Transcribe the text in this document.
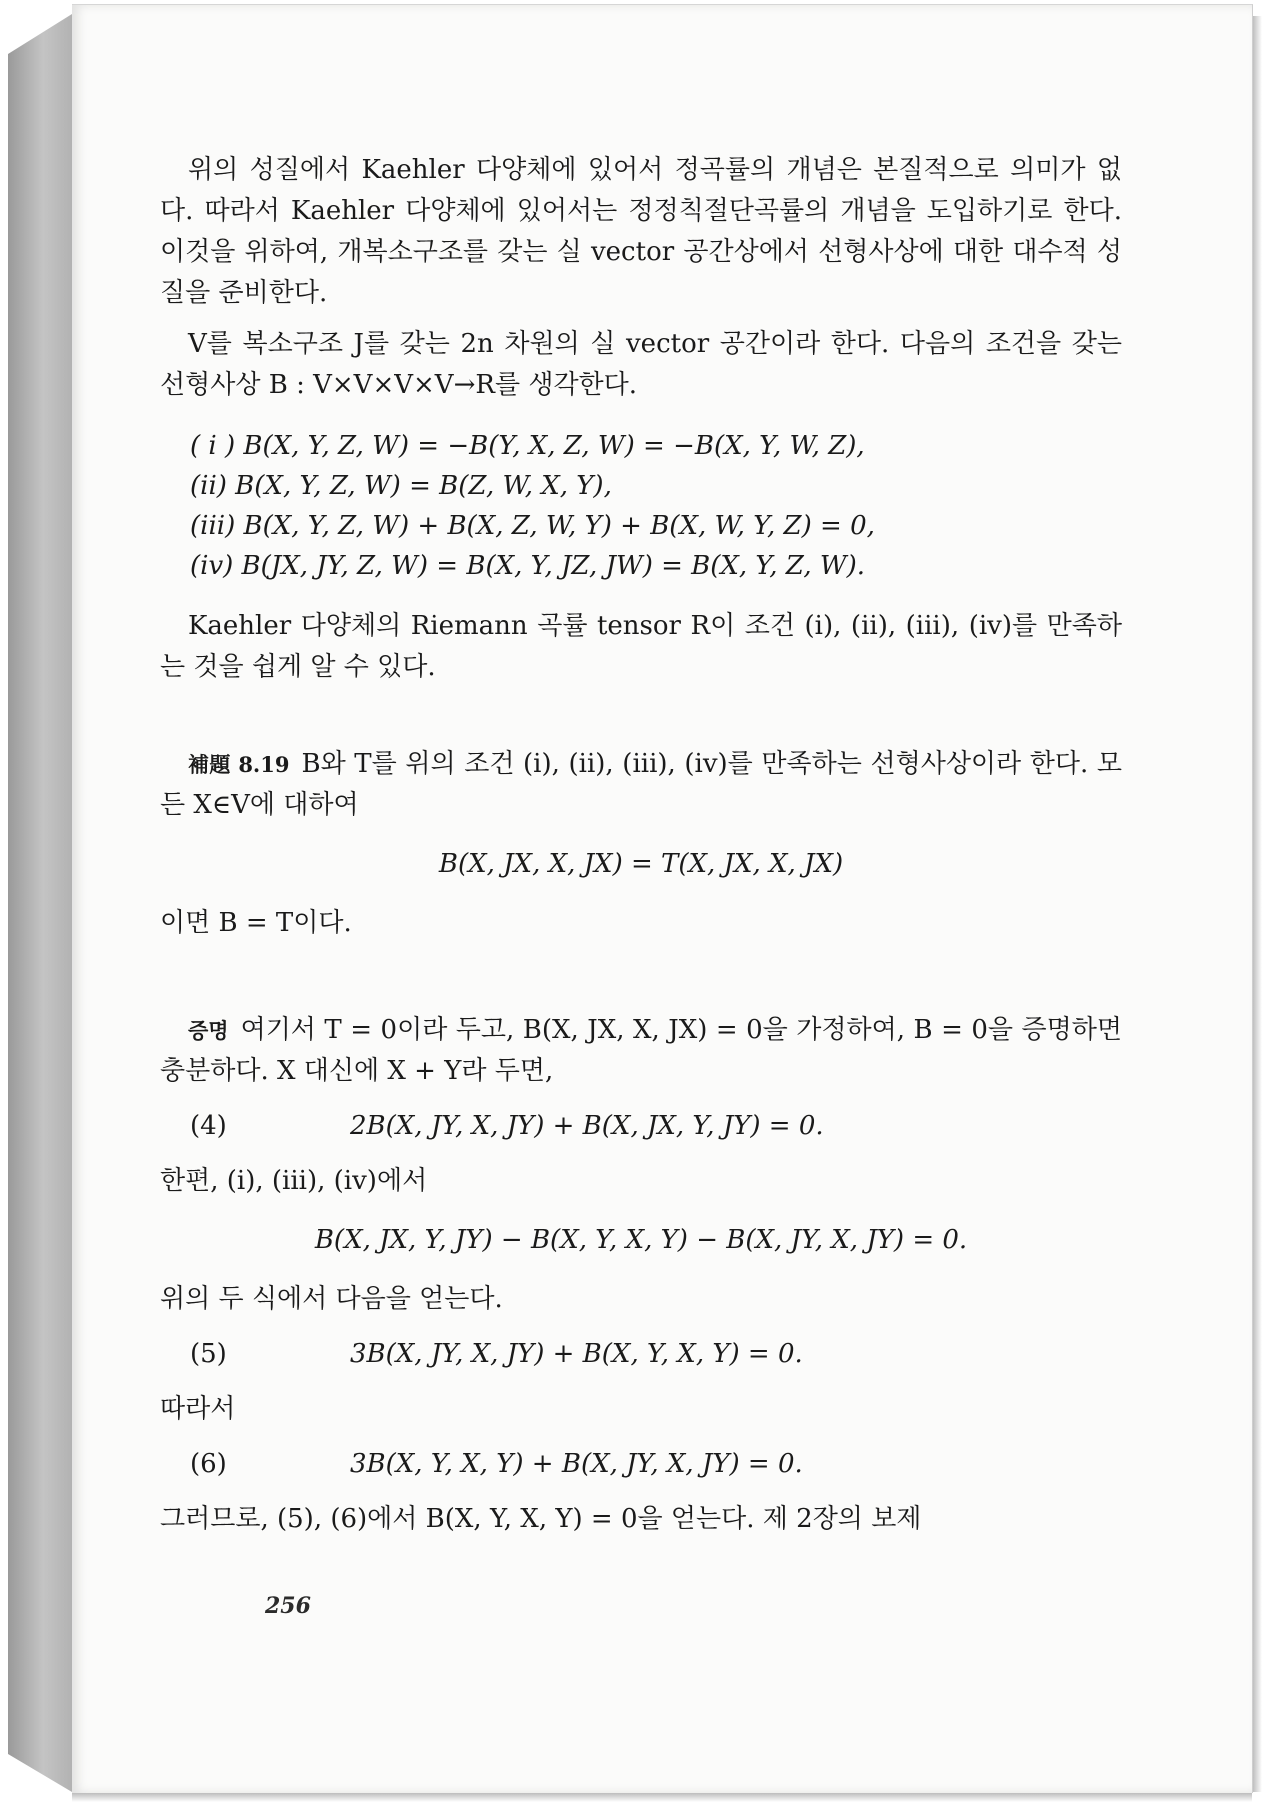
위의 성질에서 Kaehler 다양체에 있어서 정곡률의 개념은 본질적으로 의미가 없다. 따라서 Kaehler 다양체에 있어서는 정정칙절단곡률의 개념을 도입하기로 한다. 이것을 위하여, 개복소구조를 갖는 실 vector 공간상에서 선형사상에 대한 대수적 성질을 준비한다.

V를 복소구조 J를 갖는 2n 차원의 실 vector 공간이라 한다. 다음의 조건을 갖는 선형사상 B : V×V×V×V→R를 생각한다.

( i ) B(X, Y, Z, W) = −B(Y, X, Z, W) = −B(X, Y, W, Z),
(ii) B(X, Y, Z, W) = B(Z, W, X, Y),
(iii) B(X, Y, Z, W) + B(X, Z, W, Y) + B(X, W, Y, Z) = 0,
(iv) B(JX, JY, Z, W) = B(X, Y, JZ, JW) = B(X, Y, Z, W).

Kaehler 다양체의 Riemann 곡률 tensor R이 조건 (i), (ii), (iii), (iv)를 만족하는 것을 쉽게 알 수 있다.

補題 8.19 B와 T를 위의 조건 (i), (ii), (iii), (iv)를 만족하는 선형사상이라 한다. 모든 X∈V에 대하여

B(X, JX, X, JX) = T(X, JX, X, JX)

이면 B = T이다.

증명 여기서 T = 0이라 두고, B(X, JX, X, JX) = 0을 가정하여, B = 0을 증명하면 충분하다. X 대신에 X + Y라 두면,

(4)	2B(X, JY, X, JY) + B(X, JX, Y, JY) = 0.

한편, (i), (iii), (iv)에서

B(X, JX, Y, JY) − B(X, Y, X, Y) − B(X, JY, X, JY) = 0.

위의 두 식에서 다음을 얻는다.

(5)	3B(X, JY, X, JY) + B(X, Y, X, Y) = 0.

따라서

(6)	3B(X, Y, X, Y) + B(X, JY, X, JY) = 0.

그러므로, (5), (6)에서 B(X, Y, X, Y) = 0을 얻는다. 제 2장의 보제

256
